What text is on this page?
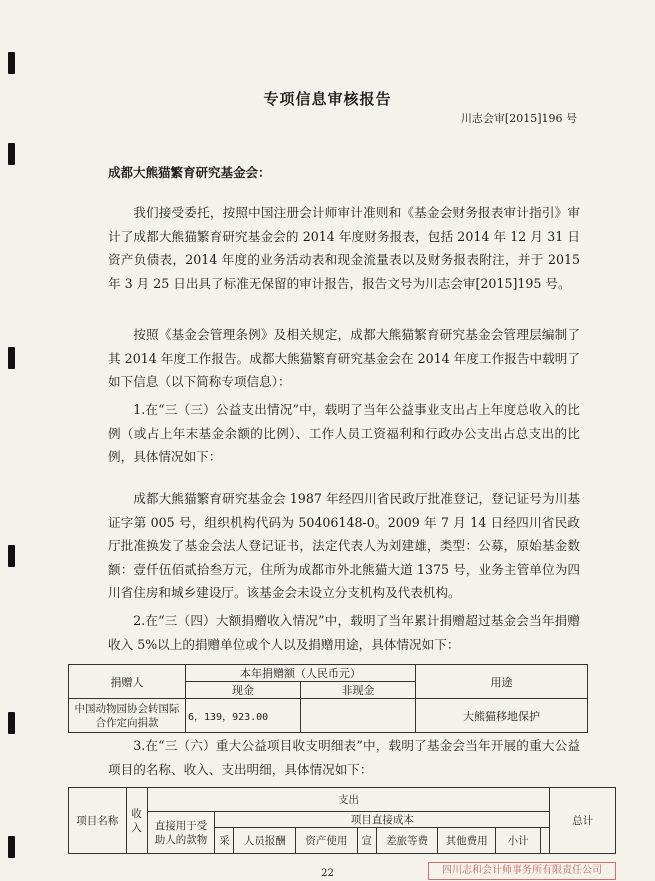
专项信息审核报告
川志会审[2015]196 号
成都大熊猫繁育研究基金会：

我们接受委托，按照中国注册会计师审计准则和《基金会财务报表审计指引》审计了成都大熊猫繁育研究基金会的 2014 年度财务报表，包括 2014 年 12 月 31 日资产负债表，2014 年度的业务活动表和现金流量表以及财务报表附注，并于 2015 年 3 月 25 日出具了标准无保留的审计报告，报告文号为川志会审[2015]195 号。

按照《基金会管理条例》及相关规定，成都大熊猫繁育研究基金会管理层编制了其 2014 年度工作报告。成都大熊猫繁育研究基金会在 2014 年度工作报告中载明了如下信息（以下简称专项信息）：

1.在“三（三）公益支出情况”中，载明了当年公益事业支出占上年度总收入的比例（或占上年末基金余额的比例）、工作人员工资福利和行政办公支出占总支出的比例，具体情况如下：

成都大熊猫繁育研究基金会 1987 年经四川省民政厅批准登记，登记证号为川基证字第 005 号，组织机构代码为 50406148-0。2009 年 7 月 14 日经四川省民政厅批准换发了基金会法人登记证书，法定代表人为刘建雄，类型：公募，原始基金数额：壹仟伍佰贰拾叁万元，住所为成都市外北熊猫大道 1375 号，业务主管单位为四川省住房和城乡建设厅。该基金会未设立分支机构及代表机构。

2.在“三（四）大额捐赠收入情况”中，载明了当年累计捐赠超过基金会当年捐赠收入 5%以上的捐赠单位或个人以及捐赠用途，具体情况如下：

捐赠人	本年捐赠额（人民币元）		用途
	现金	非现金	
中国动物园协会转国际合作定向捐款	6，139，923.00		大熊猫移地保护

3.在“三（六）重大公益项目收支明细表”中，载明了基金会当年开展的重大公益项目的名称、收入、支出明细，具体情况如下：

项目名称	收入	支出									总计
		直接用于受助人的款物	项目直接成本								
			采	人员报酬	资产使用	宣	差旅等费	其他费用	小计		
22	四川志和会计师事务所有限责任公司
